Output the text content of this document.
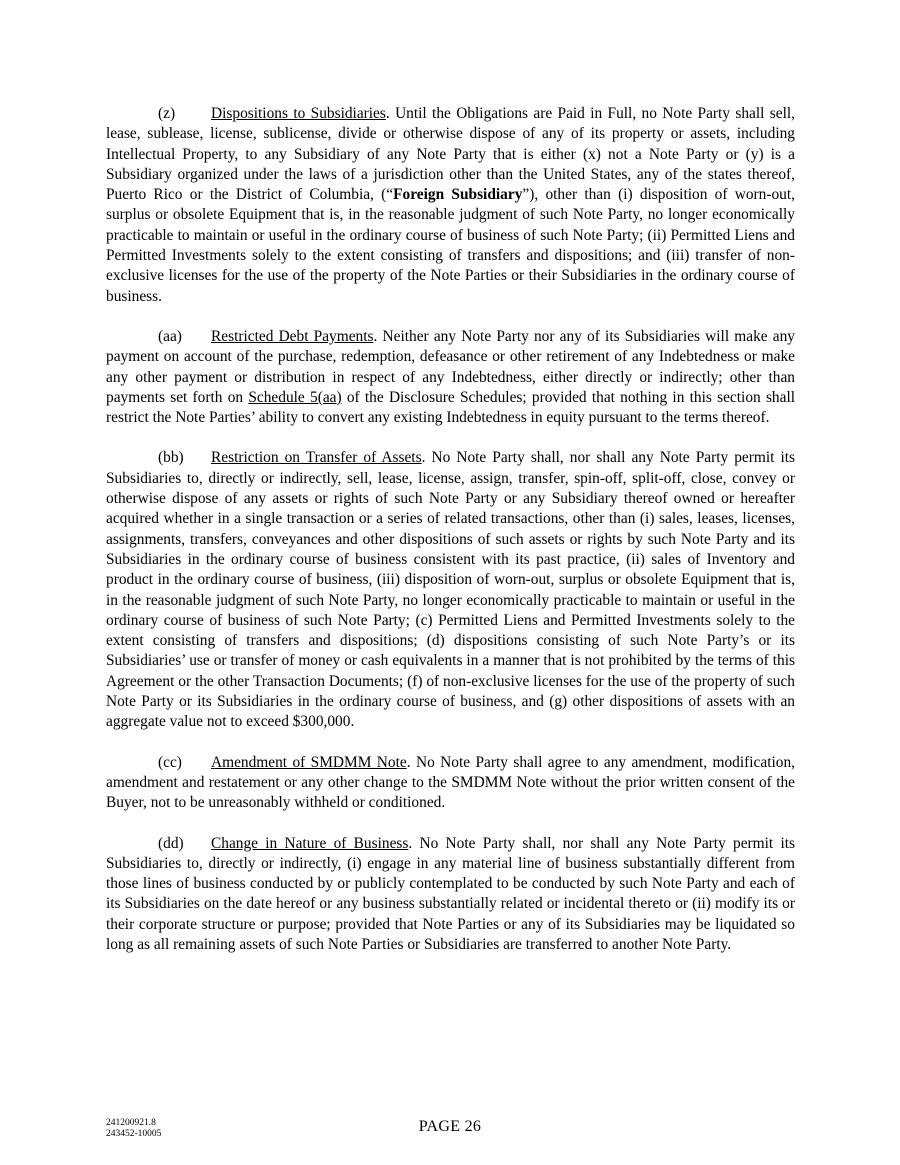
(z) Dispositions to Subsidiaries. Until the Obligations are Paid in Full, no Note Party shall sell, lease, sublease, license, sublicense, divide or otherwise dispose of any of its property or assets, including Intellectual Property, to any Subsidiary of any Note Party that is either (x) not a Note Party or (y) is a Subsidiary organized under the laws of a jurisdiction other than the United States, any of the states thereof, Puerto Rico or the District of Columbia, (“Foreign Subsidiary”), other than (i) disposition of worn-out, surplus or obsolete Equipment that is, in the reasonable judgment of such Note Party, no longer economically practicable to maintain or useful in the ordinary course of business of such Note Party; (ii) Permitted Liens and Permitted Investments solely to the extent consisting of transfers and dispositions; and (iii) transfer of non-exclusive licenses for the use of the property of the Note Parties or their Subsidiaries in the ordinary course of business.

(aa) Restricted Debt Payments. Neither any Note Party nor any of its Subsidiaries will make any payment on account of the purchase, redemption, defeasance or other retirement of any Indebtedness or make any other payment or distribution in respect of any Indebtedness, either directly or indirectly; other than payments set forth on Schedule 5(aa) of the Disclosure Schedules; provided that nothing in this section shall restrict the Note Parties’ ability to convert any existing Indebtedness in equity pursuant to the terms thereof.

(bb) Restriction on Transfer of Assets. No Note Party shall, nor shall any Note Party permit its Subsidiaries to, directly or indirectly, sell, lease, license, assign, transfer, spin-off, split-off, close, convey or otherwise dispose of any assets or rights of such Note Party or any Subsidiary thereof owned or hereafter acquired whether in a single transaction or a series of related transactions, other than (i) sales, leases, licenses, assignments, transfers, conveyances and other dispositions of such assets or rights by such Note Party and its Subsidiaries in the ordinary course of business consistent with its past practice, (ii) sales of Inventory and product in the ordinary course of business, (iii) disposition of worn-out, surplus or obsolete Equipment that is, in the reasonable judgment of such Note Party, no longer economically practicable to maintain or useful in the ordinary course of business of such Note Party; (c) Permitted Liens and Permitted Investments solely to the extent consisting of transfers and dispositions; (d) dispositions consisting of such Note Party’s or its Subsidiaries’ use or transfer of money or cash equivalents in a manner that is not prohibited by the terms of this Agreement or the other Transaction Documents; (f) of non-exclusive licenses for the use of the property of such Note Party or its Subsidiaries in the ordinary course of business, and (g) other dispositions of assets with an aggregate value not to exceed $300,000.

(cc) Amendment of SMDMM Note. No Note Party shall agree to any amendment, modification, amendment and restatement or any other change to the SMDMM Note without the prior written consent of the Buyer, not to be unreasonably withheld or conditioned.

(dd) Change in Nature of Business. No Note Party shall, nor shall any Note Party permit its Subsidiaries to, directly or indirectly, (i) engage in any material line of business substantially different from those lines of business conducted by or publicly contemplated to be conducted by such Note Party and each of its Subsidiaries on the date hereof or any business substantially related or incidental thereto or (ii) modify its or their corporate structure or purpose; provided that Note Parties or any of its Subsidiaries may be liquidated so long as all remaining assets of such Note Parties or Subsidiaries are transferred to another Note Party.

241200921.8
243452-10005	PAGE 26
